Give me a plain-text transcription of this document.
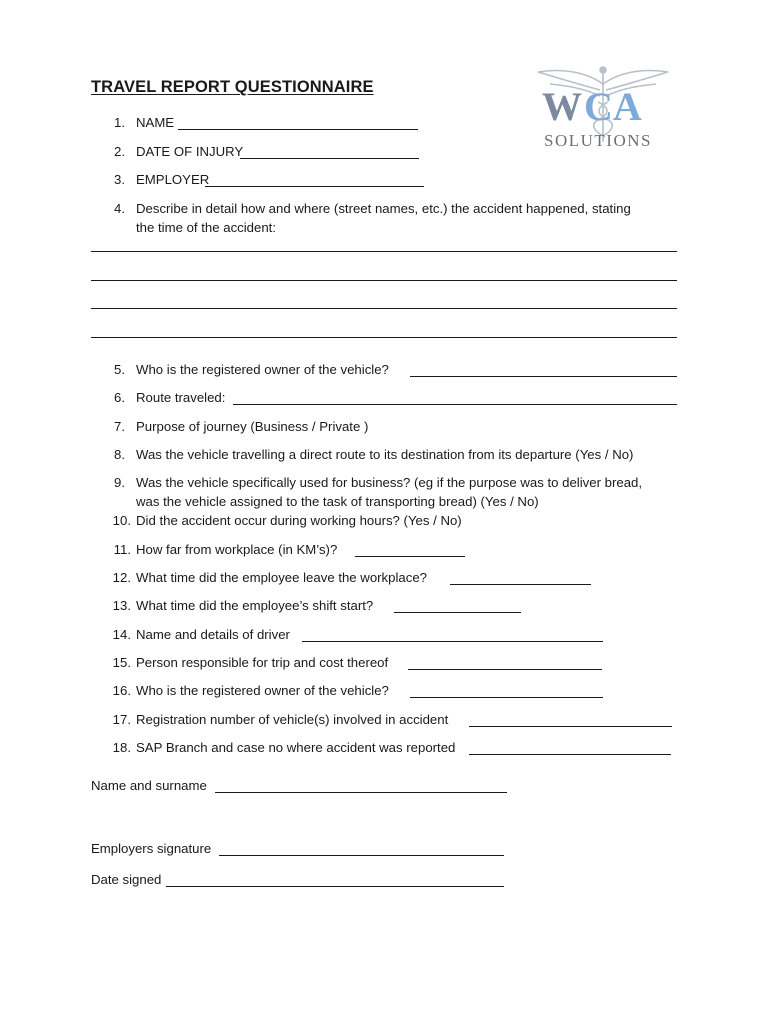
TRAVEL REPORT QUESTIONNAIRE	W CA
SOLUTIONS
1. NAME
2. DATE OF INJURY
3. EMPLOYER
4. Describe in detail how and where (street names, etc.) the accident happened, stating
the time of the accident:
5. Who is the registered owner of the vehicle?
6. Route traveled:
7. Purpose of journey (Business / Private )
8. Was the vehicle travelling a direct route to its destination from its departure (Yes / No)
9. Was the vehicle specifically used for business? (eg if the purpose was to deliver bread,
was the vehicle assigned to the task of transporting bread) (Yes / No)
10. Did the accident occur during working hours? (Yes / No)
11. How far from workplace (in KM’s)?
12. What time did the employee leave the workplace?
13. What time did the employee’s shift start?
14. Name and details of driver
15. Person responsible for trip and cost thereof
16. Who is the registered owner of the vehicle?
17. Registration number of vehicle(s) involved in accident
18. SAP Branch and case no where accident was reported
Name and surname
Employers signature
Date signed
